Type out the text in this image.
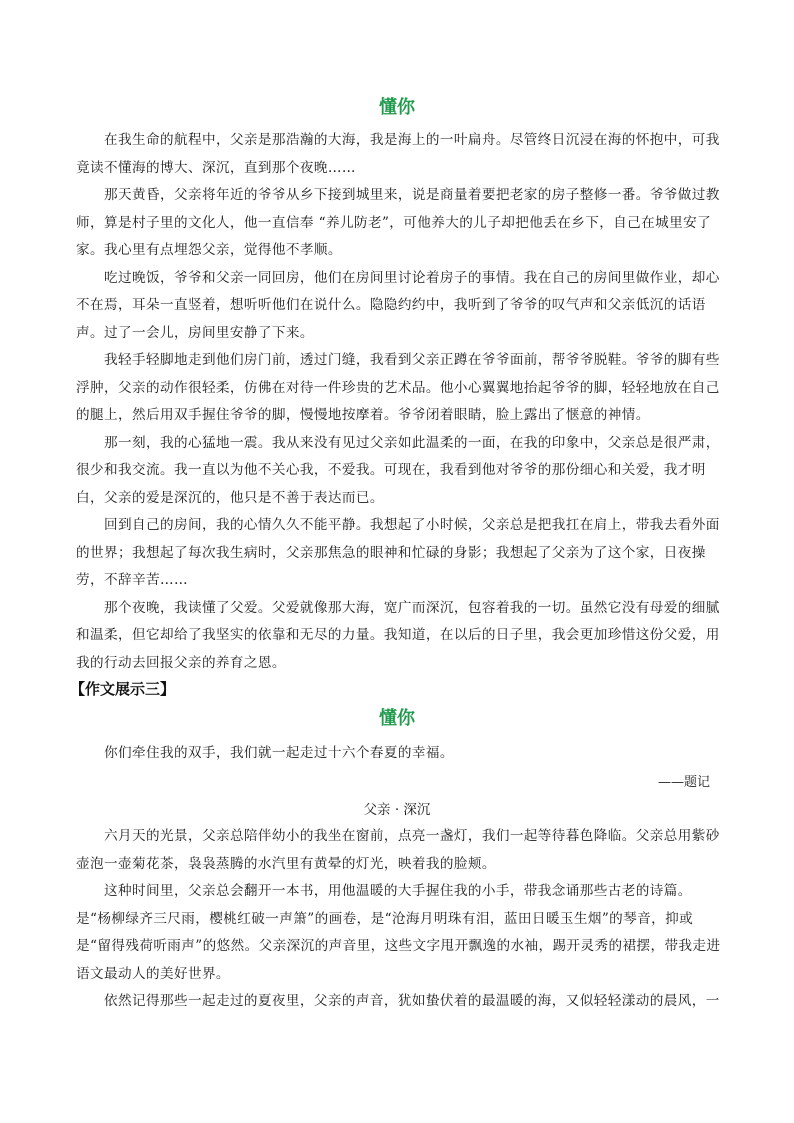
懂你

在我生命的航程中，父亲是那浩瀚的大海，我是海上的一叶扁舟。尽管终日沉浸在海的怀抱中，可我竟读不懂海的博大、深沉，直到那个夜晚……

那天黄昏，父亲将年近的爷爷从乡下接到城里来，说是商量着要把老家的房子整修一番。爷爷做过教师，算是村子里的文化人，他一直信奉 “养儿防老”，可他养大的儿子却把他丢在乡下，自己在城里安了家。我心里有点埋怨父亲，觉得他不孝顺。

吃过晚饭，爷爷和父亲一同回房，他们在房间里讨论着房子的事情。我在自己的房间里做作业，却心不在焉，耳朵一直竖着，想听听他们在说什么。隐隐约约中，我听到了爷爷的叹气声和父亲低沉的话语声。过了一会儿，房间里安静了下来。

我轻手轻脚地走到他们房门前，透过门缝，我看到父亲正蹲在爷爷面前，帮爷爷脱鞋。爷爷的脚有些浮肿，父亲的动作很轻柔，仿佛在对待一件珍贵的艺术品。他小心翼翼地抬起爷爷的脚，轻轻地放在自己的腿上，然后用双手握住爷爷的脚，慢慢地按摩着。爷爷闭着眼睛，脸上露出了惬意的神情。

那一刻，我的心猛地一震。我从来没有见过父亲如此温柔的一面，在我的印象中，父亲总是很严肃，很少和我交流。我一直以为他不关心我，不爱我。可现在，我看到他对爷爷的那份细心和关爱，我才明白，父亲的爱是深沉的，他只是不善于表达而已。

回到自己的房间，我的心情久久不能平静。我想起了小时候，父亲总是把我扛在肩上，带我去看外面的世界；我想起了每次我生病时，父亲那焦急的眼神和忙碌的身影；我想起了父亲为了这个家，日夜操劳，不辞辛苦……

那个夜晚，我读懂了父爱。父爱就像那大海，宽广而深沉，包容着我的一切。虽然它没有母爱的细腻和温柔，但它却给了我坚实的依靠和无尽的力量。我知道，在以后的日子里，我会更加珍惜这份父爱，用我的行动去回报父亲的养育之恩。

【作文展示三】
懂你

你们牵住我的双手，我们就一起走过十六个春夏的幸福。

——题记
父亲 · 深沉

六月天的光景，父亲总陪伴幼小的我坐在窗前，点亮一盏灯，我们一起等待暮色降临。父亲总用紫砂壶泡一壶菊花茶，袅袅蒸腾的水汽里有黄晕的灯光，映着我的脸颊。

这种时间里，父亲总会翻开一本书，用他温暖的大手握住我的小手，带我念诵那些古老的诗篇。是“杨柳绿齐三尺雨，樱桃红破一声箫”的画卷，是“沧海月明珠有泪，蓝田日暖玉生烟”的琴音，抑或是“留得残荷听雨声”的悠然。父亲深沉的声音里，这些文字甩开飘逸的水袖，踢开灵秀的裙摆，带我走进语文最动人的美好世界。

依然记得那些一起走过的夏夜里，父亲的声音，犹如蛰伏着的最温暖的海，又似轻轻漾动的晨风，一
